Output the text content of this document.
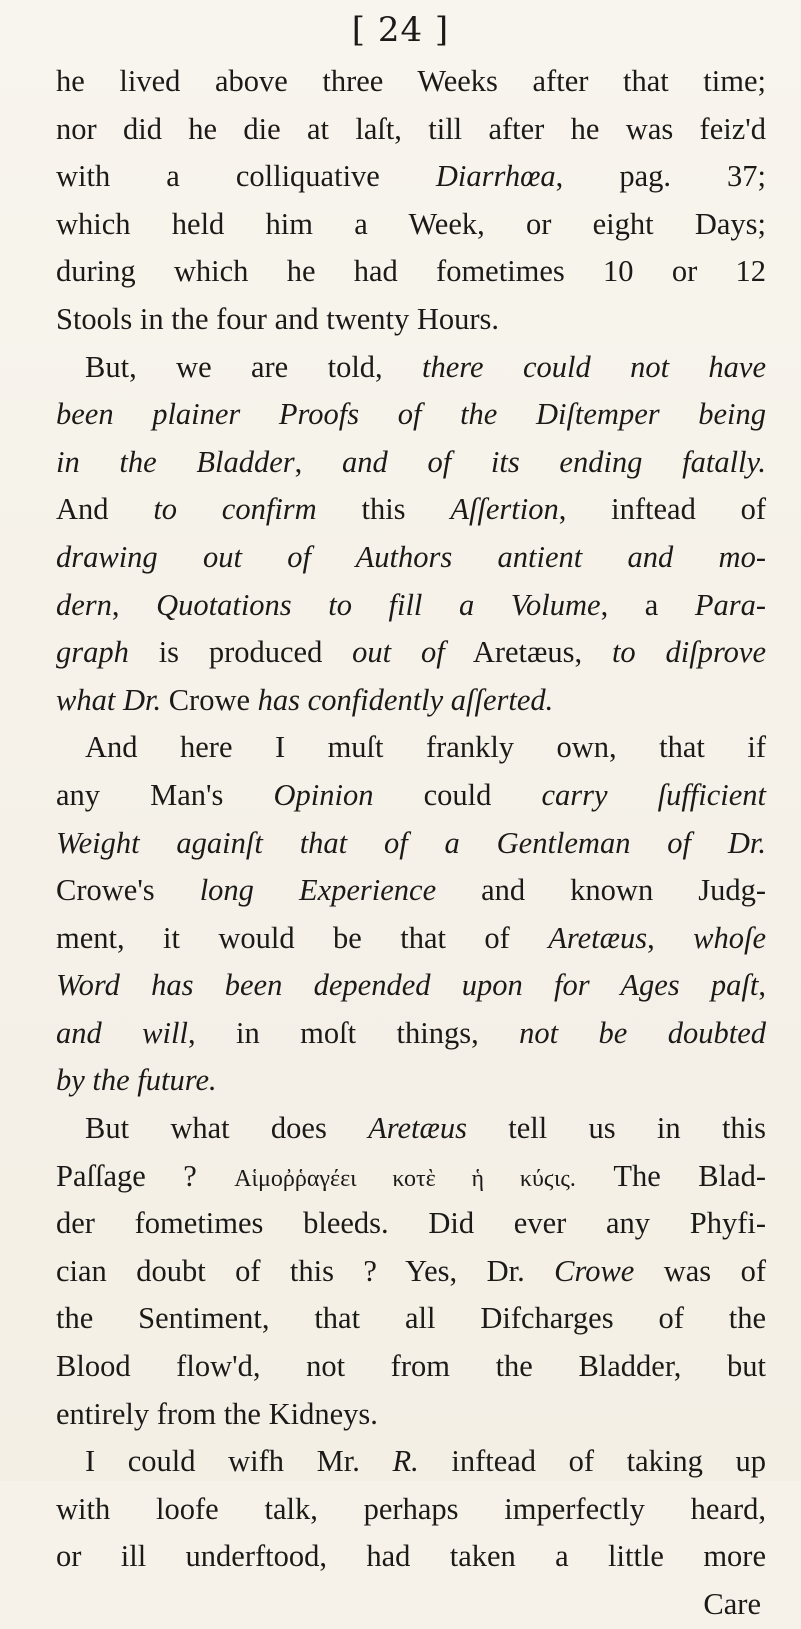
[ 24 ]
he lived above three Weeks after that time;
nor did he die at laſt, till after he was feiz'd
with a colliquative Diarrhœa, pag. 37;
which held him a Week, or eight Days;
during which he had fometimes 10 or 12
Stools in the four and twenty Hours.
But, we are told, there could not have
been plainer Proofs of the Diſtemper being
in the Bladder, and of its ending fatally.
And to confirm this Aſſertion, inftead of
drawing out of Authors antient and mo-
dern, Quotations to fill a Volume, a Para-
graph is produced out of Aretæus, to diſprove
what Dr. Crowe has confidently aſſerted.
And here I muſt frankly own, that if
any Man's Opinion could carry ſufficient
Weight againſt that of a Gentleman of Dr.
Crowe's long Experience and known Judg-
ment, it would be that of Aretæus, whoſe
Word has been depended upon for Ages paſt,
and will, in moſt things, not be doubted
by the future.
But what does Aretæus tell us in this
Paſſage ? Αἱμοῤῥαγέει κοτὲ ἡ κύϛις. The Blad-
der fometimes bleeds. Did ever any Phyfi-
cian doubt of this ? Yes, Dr. Crowe was of
the Sentiment, that all Difcharges of the
Blood flow'd, not from the Bladder, but
entirely from the Kidneys.
I could wifh Mr. R. inftead of taking up
with loofe talk, perhaps imperfectly heard,
or ill underftood, had taken a little more
Care
